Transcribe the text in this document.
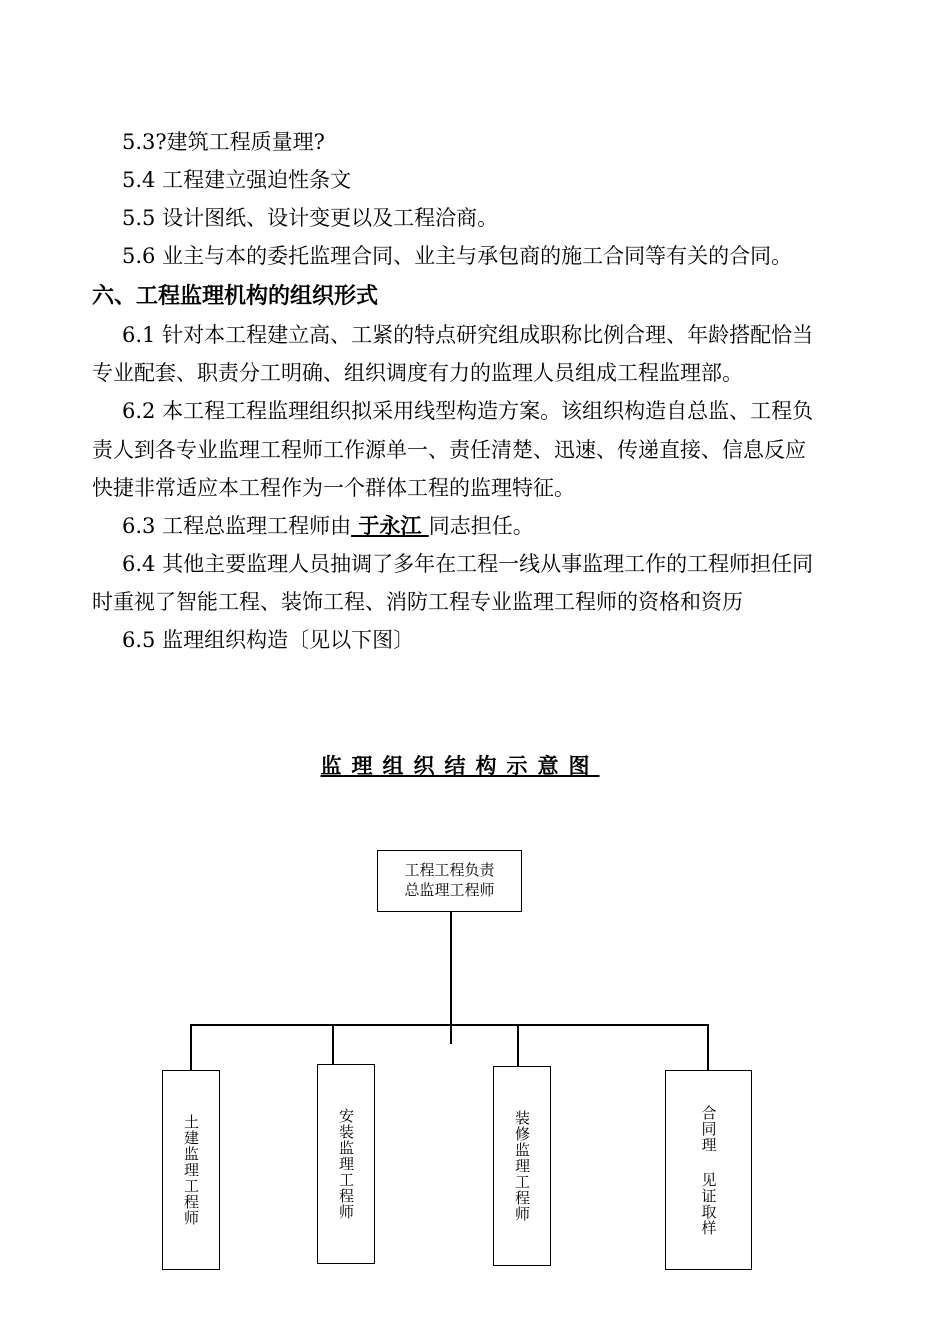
5.3?建筑工程质量理?
5.4 工程建立强迫性条文
5.5 设计图纸、设计变更以及工程洽商。
5.6 业主与本的委托监理合同、业主与承包商的施工合同等有关的合同。
六、工程监理机构的组织形式
6.1 针对本工程建立高、工紧的特点研究组成职称比例合理、年龄搭配恰当
专业配套、职责分工明确、组织调度有力的监理人员组成工程监理部。
6.2 本工程工程监理组织拟采用线型构造方案。该组织构造自总监、工程负
责人到各专业监理工程师工作源单一、责任清楚、迅速、传递直接、信息反应
快捷非常适应本工程作为一个群体工程的监理特征。
6.3 工程总监理工程师由 于永江 同志担任。
6.4 其他主要监理人员抽调了多年在工程一线从事监理工作的工程师担任同
时重视了智能工程、装饰工程、消防工程专业监理工程师的资格和资历
6.5 监理组织构造〔见以下图〕
监理组织结构示意图
工程工程负责
总监理工程师
土建监理工程师	安装监理工程师	装修监理工程师	合同理 见证取样
